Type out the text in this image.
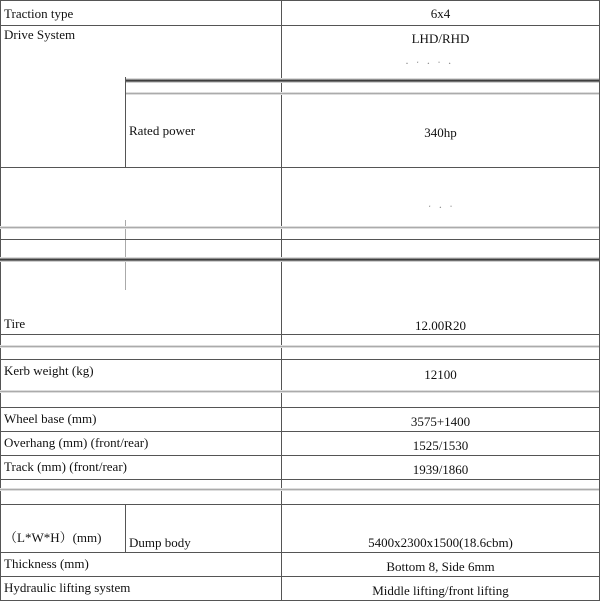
· ˑ · ˑ ·
ˑ · ˑ
Traction type	6x4
Drive System	LHD/RHD
Rated power	340hp
Tire	12.00R20
Kerb weight (kg)	12100
Wheel base (mm)	3575+1400
Overhang (mm) (front/rear)	1525/1530
Track (mm) (front/rear)	1939/1860
（L*W*H）(mm) Dump body	5400x2300x1500(18.6cbm)
Thickness (mm)	Bottom 8, Side 6mm
Hydraulic lifting system	Middle lifting/front lifting
